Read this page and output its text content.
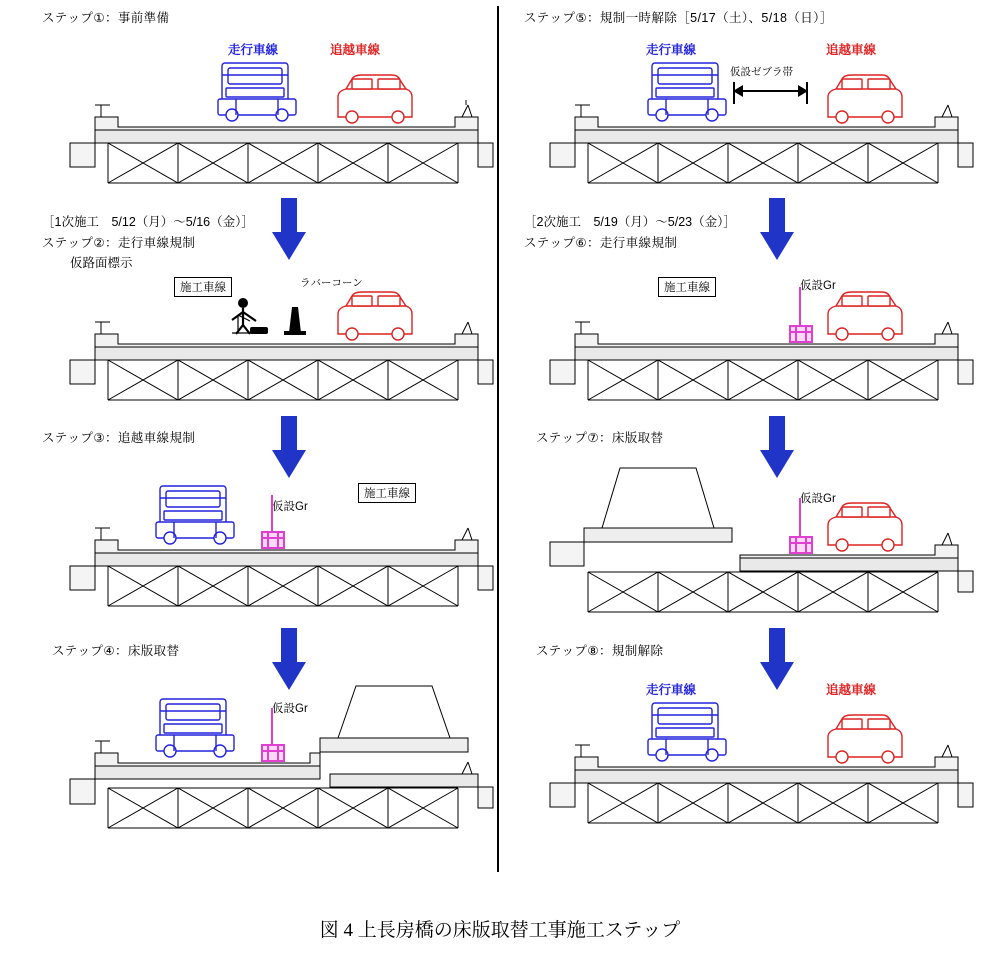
ステップ①：事前準備
走行車線	追越車線
［1次施工　5/12（月）〜5/16（金）］
ステップ②：走行車線規制
仮路面標示
施工車線	ラバーコーン
ステップ③：追越車線規制
施工車線
仮設Gr
ステップ④：床版取替
仮設Gr
ステップ⑤：規制一時解除［5/17（土）、5/18（日）］
走行車線	追越車線
仮設ゼブラ帯
［2次施工　5/19（月）〜5/23（金）］
ステップ⑥：走行車線規制
施工車線	仮設Gr
ステップ⑦：床版取替
仮設Gr
ステップ⑧：規制解除
走行車線	追越車線
図 4 上長房橋の床版取替工事施工ステップ
